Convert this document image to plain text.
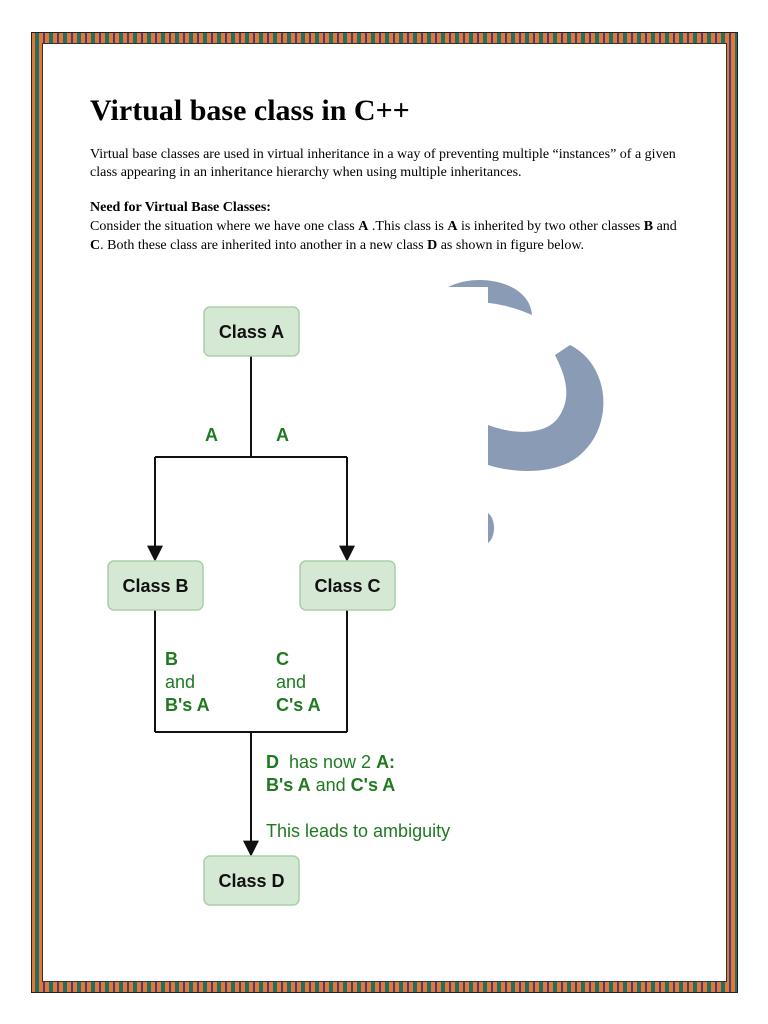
Virtual base class in C++
Virtual base classes are used in virtual inheritance in a way of preventing multiple “instances” of a given class appearing in an inheritance hierarchy when using multiple inheritances.
Need for Virtual Base Classes:
Consider the situation where we have one class A .This class is A is inherited by two other classes B and C. Both these class are inherited into another in a new class D as shown in figure below.
Class A
Class B	Class C
Class D
A	A
B
and
B's A
C
and
C's A
D  has now 2 A:
B's A and C's A
This leads to ambiguity
